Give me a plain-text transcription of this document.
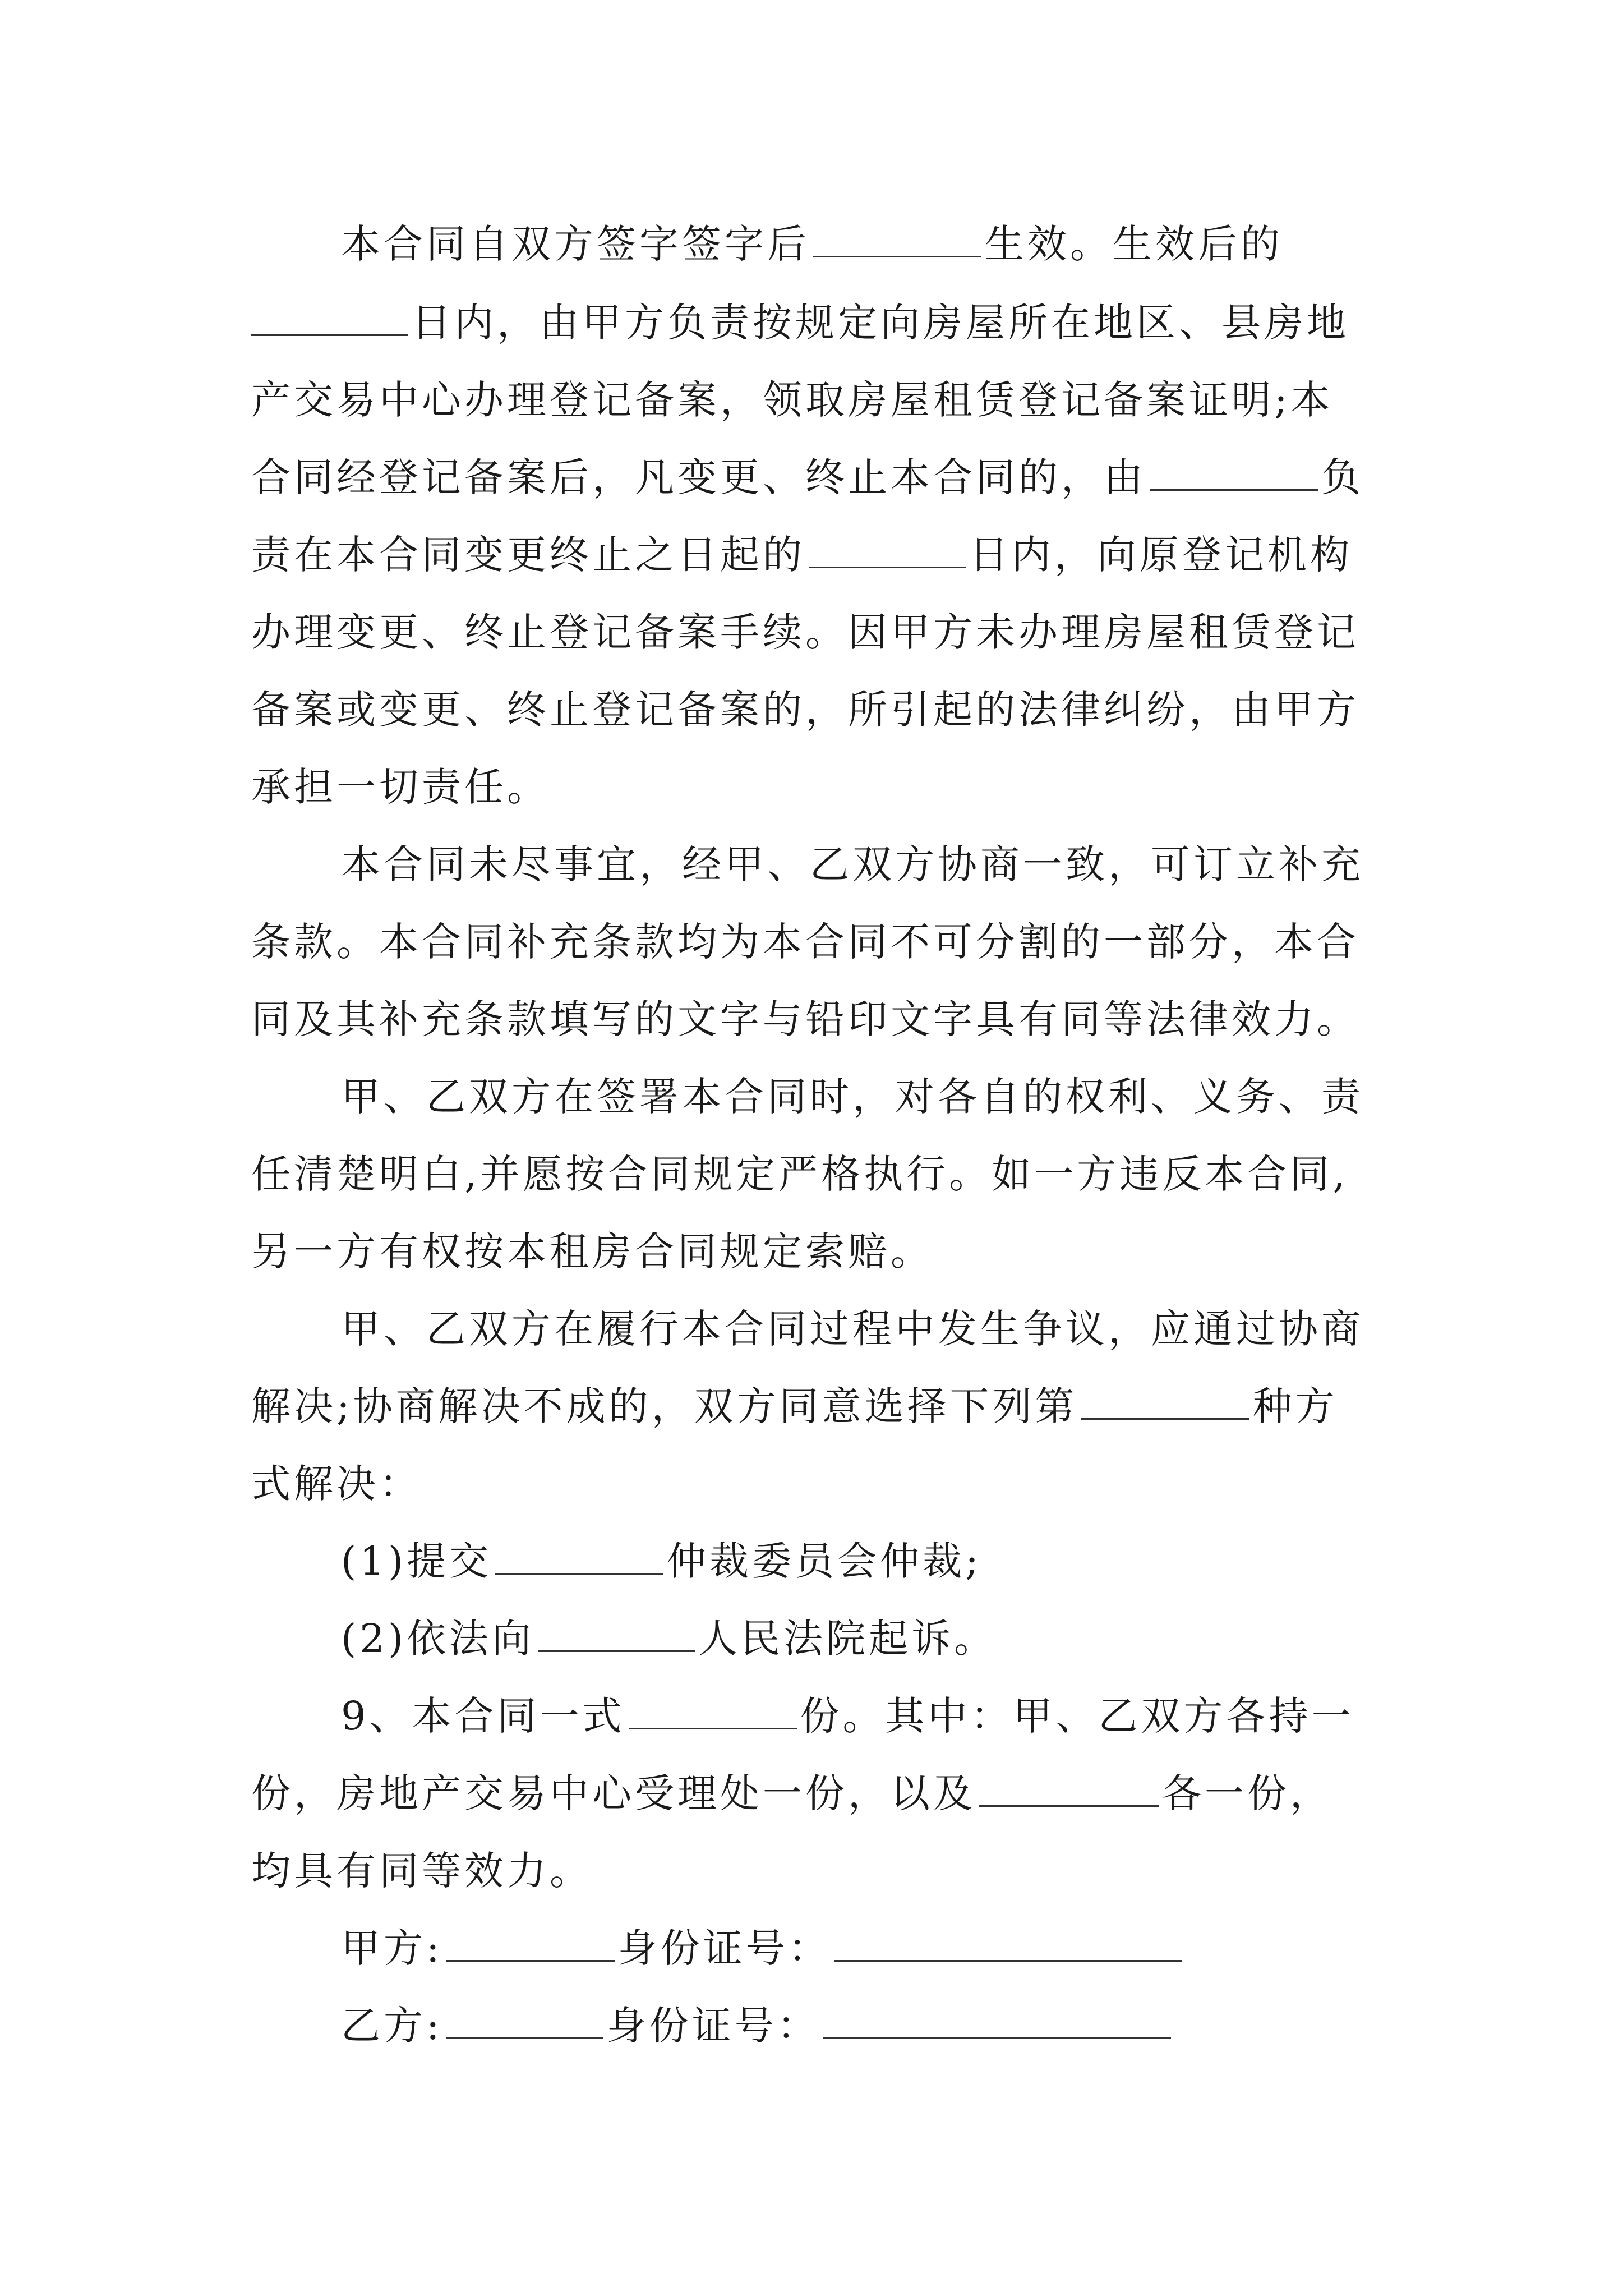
本合同自双方签字签字后	生效。生效后的
日内，由甲方负责按规定向房屋所在地区、县房地
产交易中心办理登记备案，领取房屋租赁登记备案证明;本
合同经登记备案后，凡变更、终止本合同的，由	负
责在本合同变更终止之日起的	日内，向原登记机构
办理变更、终止登记备案手续。因甲方未办理房屋租赁登记
备案或变更、终止登记备案的，所引起的法律纠纷，由甲方
承担一切责任。
本合同未尽事宜，经甲、乙双方协商一致，可订立补充
条款。本合同补充条款均为本合同不可分割的一部分，本合
同及其补充条款填写的文字与铅印文字具有同等法律效力。
甲、乙双方在签署本合同时，对各自的权利、义务、责
任清楚明白,并愿按合同规定严格执行。如一方违反本合同,
另一方有权按本租房合同规定索赔。
甲、乙双方在履行本合同过程中发生争议，应通过协商
解决;协商解决不成的，双方同意选择下列第	种方
式解决：
(1)提交	仲裁委员会仲裁;
(2)依法向	人民法院起诉。
9、本合同一式	份。其中：甲、乙双方各持一
份，房地产交易中心受理处一份，以及	各一份，
均具有同等效力。
甲方:	身份证号：
乙方:	身份证号：
